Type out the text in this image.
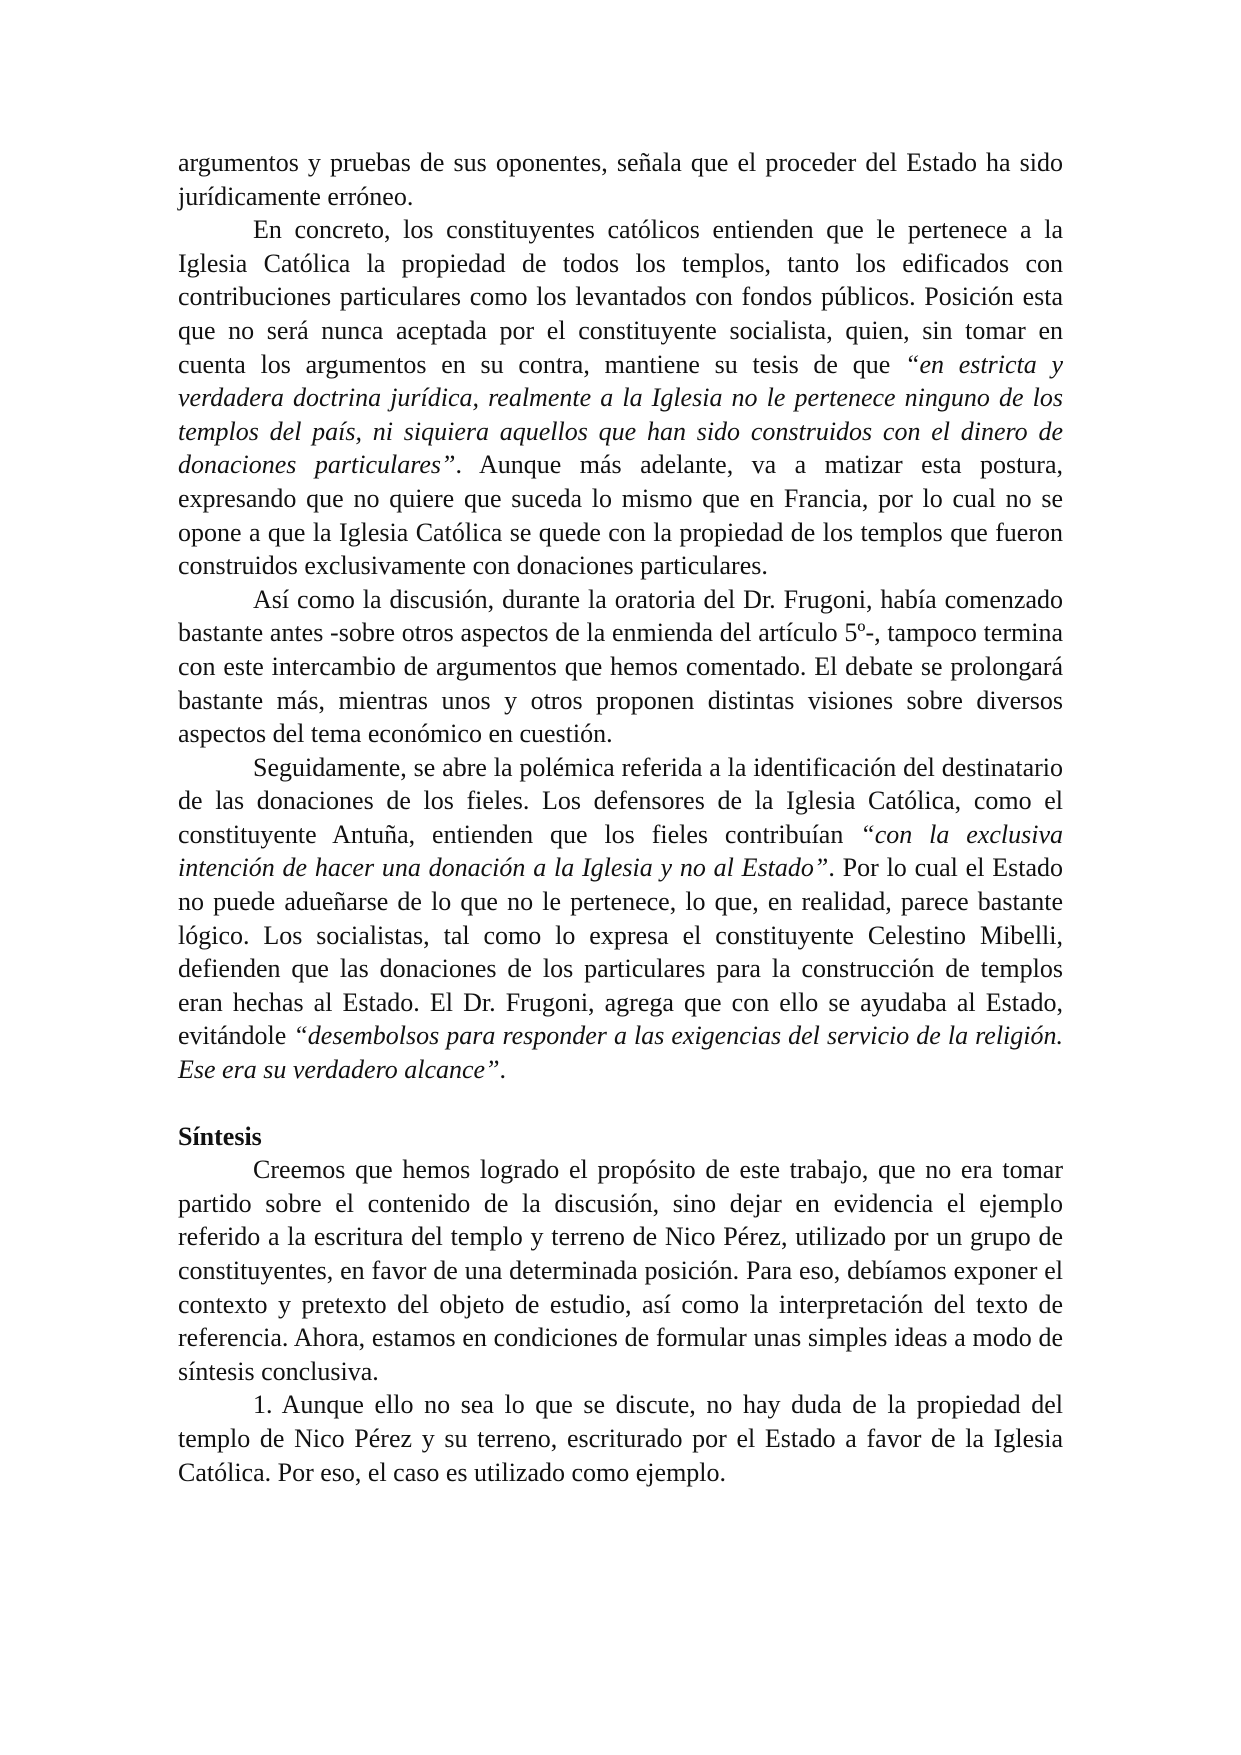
argumentos y pruebas de sus oponentes, señala que el proceder del Estado ha sido jurídicamente erróneo.

En concreto, los constituyentes católicos entienden que le pertenece a la Iglesia Católica la propiedad de todos los templos, tanto los edificados con contribuciones particulares como los levantados con fondos públicos. Posición esta que no será nunca aceptada por el constituyente socialista, quien, sin tomar en cuenta los argumentos en su contra, mantiene su tesis de que “en estricta y verdadera doctrina jurídica, realmente a la Iglesia no le pertenece ninguno de los templos del país, ni siquiera aquellos que han sido construidos con el dinero de donaciones particulares”. Aunque más adelante, va a matizar esta postura, expresando que no quiere que suceda lo mismo que en Francia, por lo cual no se opone a que la Iglesia Católica se quede con la propiedad de los templos que fueron construidos exclusivamente con donaciones particulares.

Así como la discusión, durante la oratoria del Dr. Frugoni, había comenzado bastante antes -sobre otros aspectos de la enmienda del artículo 5º-, tampoco termina con este intercambio de argumentos que hemos comentado. El debate se prolongará bastante más, mientras unos y otros proponen distintas visiones sobre diversos aspectos del tema económico en cuestión.

Seguidamente, se abre la polémica referida a la identificación del destinatario de las donaciones de los fieles. Los defensores de la Iglesia Católica, como el constituyente Antuña, entienden que los fieles contribuían “con la exclusiva intención de hacer una donación a la Iglesia y no al Estado”. Por lo cual el Estado no puede adueñarse de lo que no le pertenece, lo que, en realidad, parece bastante lógico. Los socialistas, tal como lo expresa el constituyente Celestino Mibelli, defienden que las donaciones de los particulares para la construcción de templos eran hechas al Estado. El Dr. Frugoni, agrega que con ello se ayudaba al Estado, evitándole “desembolsos para responder a las exigencias del servicio de la religión. Ese era su verdadero alcance”.

Síntesis

Creemos que hemos logrado el propósito de este trabajo, que no era tomar partido sobre el contenido de la discusión, sino dejar en evidencia el ejemplo referido a la escritura del templo y terreno de Nico Pérez, utilizado por un grupo de constituyentes, en favor de una determinada posición. Para eso, debíamos exponer el contexto y pretexto del objeto de estudio, así como la interpretación del texto de referencia. Ahora, estamos en condiciones de formular unas simples ideas a modo de síntesis conclusiva.

1. Aunque ello no sea lo que se discute, no hay duda de la propiedad del templo de Nico Pérez y su terreno, escriturado por el Estado a favor de la Iglesia Católica. Por eso, el caso es utilizado como ejemplo.
